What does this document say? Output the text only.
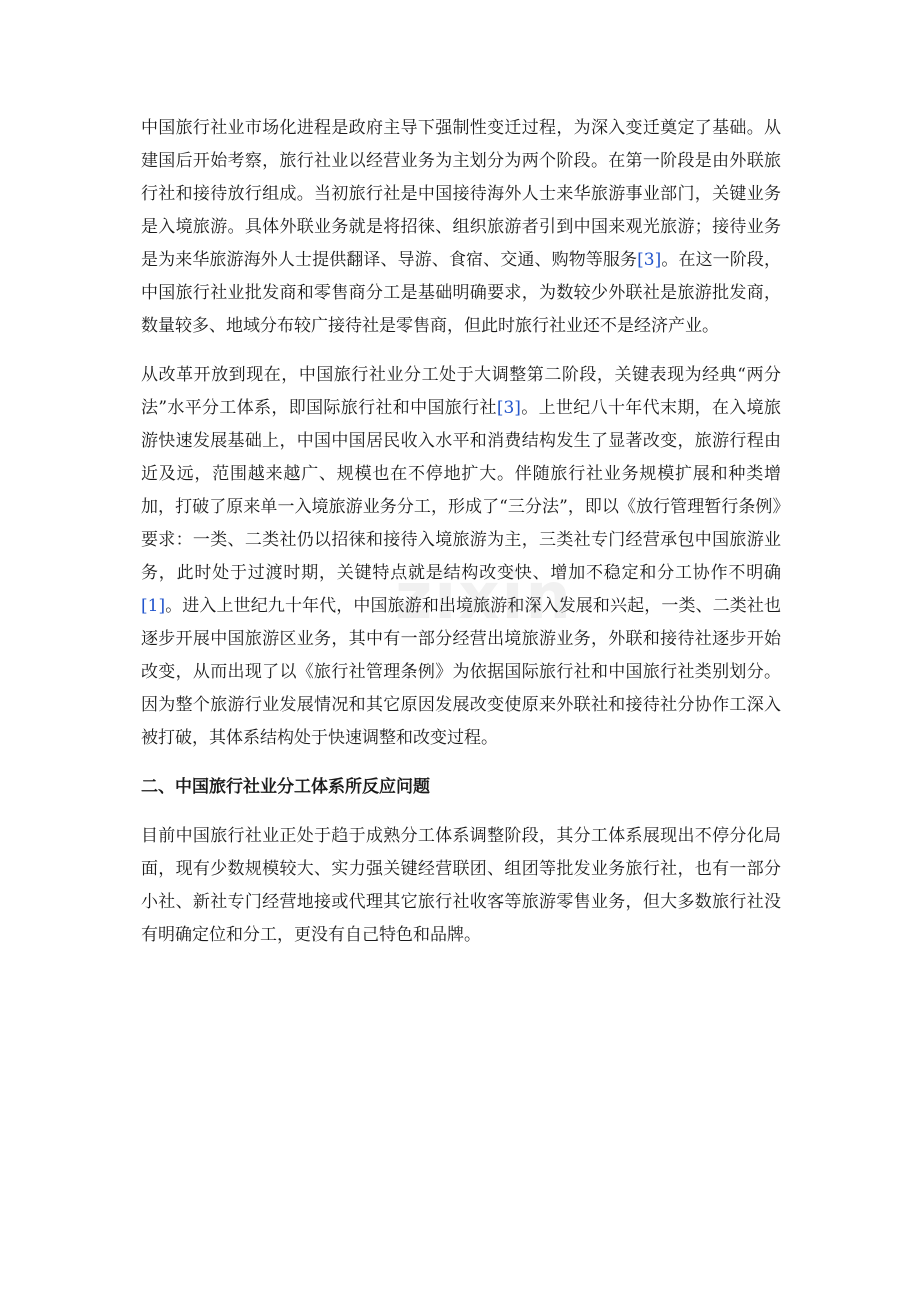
zixin

中国旅行社业市场化进程是政府主导下强制性变迁过程，为深入变迁奠定了基础。从建国后开始考察，旅行社业以经营业务为主划分为两个阶段。在第一阶段是由外联旅行社和接待放行组成。当初旅行社是中国接待海外人士来华旅游事业部门，关键业务是入境旅游。具体外联业务就是将招徕、组织旅游者引到中国来观光旅游；接待业务是为来华旅游海外人士提供翻译、导游、食宿、交通、购物等服务[3]。在这一阶段，中国旅行社业批发商和零售商分工是基础明确要求，为数较少外联社是旅游批发商，数量较多、地域分布较广接待社是零售商，但此时旅行社业还不是经济产业。

从改革开放到现在，中国旅行社业分工处于大调整第二阶段，关键表现为经典“两分法”水平分工体系，即国际旅行社和中国旅行社[3]。上世纪八十年代末期，在入境旅游快速发展基础上，中国中国居民收入水平和消费结构发生了显著改变，旅游行程由近及远，范围越来越广、规模也在不停地扩大。伴随旅行社业务规模扩展和种类增加，打破了原来单一入境旅游业务分工，形成了“三分法”，即以《放行管理暂行条例》要求：一类、二类社仍以招徕和接待入境旅游为主，三类社专门经营承包中国旅游业务，此时处于过渡时期，关键特点就是结构改变快、增加不稳定和分工协作不明确[1]。进入上世纪九十年代，中国旅游和出境旅游和深入发展和兴起，一类、二类社也逐步开展中国旅游区业务，其中有一部分经营出境旅游业务，外联和接待社逐步开始改变，从而出现了以《旅行社管理条例》为依据国际旅行社和中国旅行社类别划分。因为整个旅游行业发展情况和其它原因发展改变使原来外联社和接待社分协作工深入被打破，其体系结构处于快速调整和改变过程。

二、中国旅行社业分工体系所反应问题

目前中国旅行社业正处于趋于成熟分工体系调整阶段，其分工体系展现出不停分化局面，现有少数规模较大、实力强关键经营联团、组团等批发业务旅行社，也有一部分小社、新社专门经营地接或代理其它旅行社收客等旅游零售业务，但大多数旅行社没有明确定位和分工，更没有自己特色和品牌。
